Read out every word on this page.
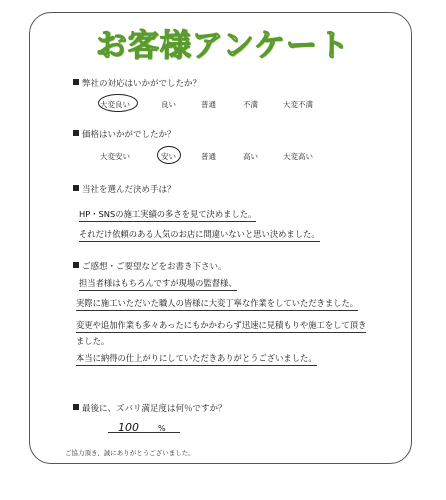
お客様アンケート
弊社の対応はいかがでしたか？
大変良い	良い	普通	不満	大変不満
価格はいかがでしたか？
大変安い	安い	普通	高い	大変高い
当社を選んだ決め手は？
HP・SNSの施工実績の多さを見て決めました。
それだけ依頼のある人気のお店に間違いないと思い決めました。
ご感想・ご要望などをお書き下さい。
担当者様はもちろんですが現場の監督様、
実際に施工いただいた職人の皆様に大変丁寧な作業をしていただきました。
変更や追加作業も多々あったにもかかわらず迅速に見積もりや施工をして頂き
ました。
本当に納得の仕上がりにしていただきありがとうございました。
最後に、ズバリ満足度は何％ですか？
100 %
ご協力頂き、誠にありがとうございました。
